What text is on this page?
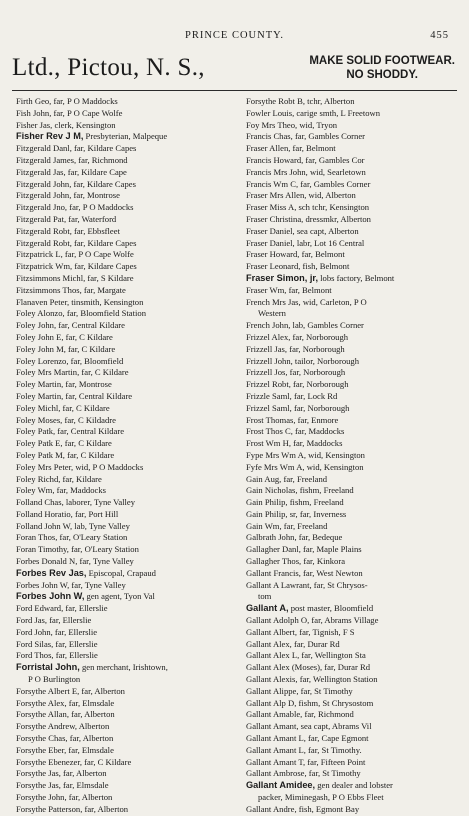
PRINCE COUNTY.	455
Ltd., Pictou, N. S.,	MAKE SOLID FOOTWEAR.
NO SHODDY.
Firth Geo, far, P O Maddocks
Fish John, far, P O Cape Wolfe
Fisher Jas, clerk, Kensington
Fisher Rev J M, Presbyterian, Malpeque
Fitzgerald Danl, far, Kildare Capes
Fitzgerald James, far, Richmond
Fitzgerald Jas, far, Kildare Cape
Fitzgerald John, far, Kildare Capes
Fitzgerald John, far, Montrose
Fitzgerald Jno, far, P O Maddocks
Fitzgerald Pat, far, Waterford
Fitzgerald Robt, far, Ebbsfleet
Fitzgerald Robt, far, Kildare Capes
Fitzpatrick L, far, P O Cape Wolfe
Fitzpatrick Wm, far, Kildare Capes
Fitzsimmons Michl, far, S Kildare
Fitzsimmons Thos, far, Margate
Flanaven Peter, tinsmith, Kensington
Foley Alonzo, far, Bloomfield Station
Foley John, far, Central Kildare
Foley John E, far, C Kildare
Foley John M, far, C Kildare
Foley Lorenzo, far, Bloomfield
Foley Mrs Martin, far, C Kildare
Foley Martin, far, Montrose
Foley Martin, far, Central Kildare
Foley Michl, far, C Kildare
Foley Moses, far, C Kildadre
Foley Patk, far, Central Kildare
Foley Patk E, far, C Kildare
Foley Patk M, far, C Kildare
Foley Mrs Peter, wid, P O Maddocks
Foley Richd, far, Kildare
Foley Wm, far, Maddocks
Folland Chas, laborer, Tyne Valley
Folland Horatio, far, Port Hill
Folland John W, lab, Tyne Valley
Foran Thos, far, O'Leary Station
Foran Timothy, far, O'Leary Station
Forbes Donald N, far, Tyne Valley
Forbes Rev Jas, Episcopal, Crapaud
Forbes John W, far, Tyne Valley
Forbes John W, gen agent, Tyon Val
Ford Edward, far, Ellerslie
Ford Jas, far, Ellerslie
Ford John, far, Ellerslie
Ford Silas, far, Ellerslie
Ford Thos, far, Ellerslie
Forristal John, gen merchant, Irishtown,
P O Burlington
Forsythe Albert E, far, Alberton
Forsythe Alex, far, Elmsdale
Forsythe Allan, far, Alberton
Forsythe Andrew, Alberton
Forsythe Chas, far, Alberton
Forsythe Eber, far, Elmsdale
Forsythe Ebenezer, far, C Kildare
Forsythe Jas, far, Alberton
Forsythe Jas, far, Elmsdale
Forsythe John, far, Alberton
Forsythe Patterson, far, Alberton
Forsythe Robt B, tchr, Alberton
Fowler Louis, carige smth, L Freetown
Foy Mrs Theo, wid, Tryon
Francis Chas, far, Gambles Corner
Fraser Allen, far, Belmont
Francis Howard, far, Gambles Cor
Francis Mrs John, wid, Searletown
Francis Wm C, far, Gambles Corner
Fraser Mrs Allen, wid, Alberton
Fraser Miss A, sch tchr, Kensington
Fraser Christina, dressmkr, Alberton
Fraser Daniel, sea capt, Alberton
Fraser Daniel, labr, Lot 16 Central
Fraser Howard, far, Belmont
Fraser Leonard, fish, Belmont
Fraser Simon, jr, lobs factory, Belmont
Fraser Wm, far, Belmont
French Mrs Jas, wid, Carleton, P O
Western
French John, lab, Gambles Corner
Frizzel Alex, far, Norborough
Frizzell Jas, far, Norborough
Frizzell John, tailor, Norborough
Frizzell Jos, far, Norborough
Frizzel Robt, far, Norborough
Frizzle Saml, far, Lock Rd
Frizzel Saml, far, Norborough
Frost Thomas, far, Enmore
Frost Thos C, far, Maddocks
Frost Wm H, far, Maddocks
Fype Mrs Wm A, wid, Kensington
Fyfe Mrs Wm A, wid, Kensington
Gain Aug, far, Freeland
Gain Nicholas, fishm, Freeland
Gain Philip, fishm, Freeland
Gain Philip, sr, far, Inverness
Gain Wm, far, Freeland
Galbrath John, far, Bedeque
Gallagher Danl, far, Maple Plains
Gallagher Thos, far, Kinkora
Gallant Francis, far, West Newton
Gallant A Lawrant, far, St Chrysos-
tom
Gallant A, post master, Bloomfield
Gallant Adolph O, far, Abrams Village
Gallant Albert, far, Tignish, F S
Gallant Alex, far, Durar Rd
Gallant Alex L, far, Wellington Sta
Gallant Alex (Moses), far, Durar Rd
Gallant Alexis, far, Wellington Station
Gallant Alippe, far, St Timothy
Gallant Alp D, fishm, St Chrysostom
Gallant Amable, far, Richmond
Gallant Amant, sea capt, Abrams Vil
Gallant Amant L, far, Cape Egmont
Gallant Amant L, far, St Timothy.
Gallant Amant T, far, Fifteen Point
Gallant Ambrose, far, St Timothy
Gallant Amidee, gen dealer and lobster
packer, Miminegash, P O Ebbs Fleet
Gallant Andre, fish, Egmont Bay
